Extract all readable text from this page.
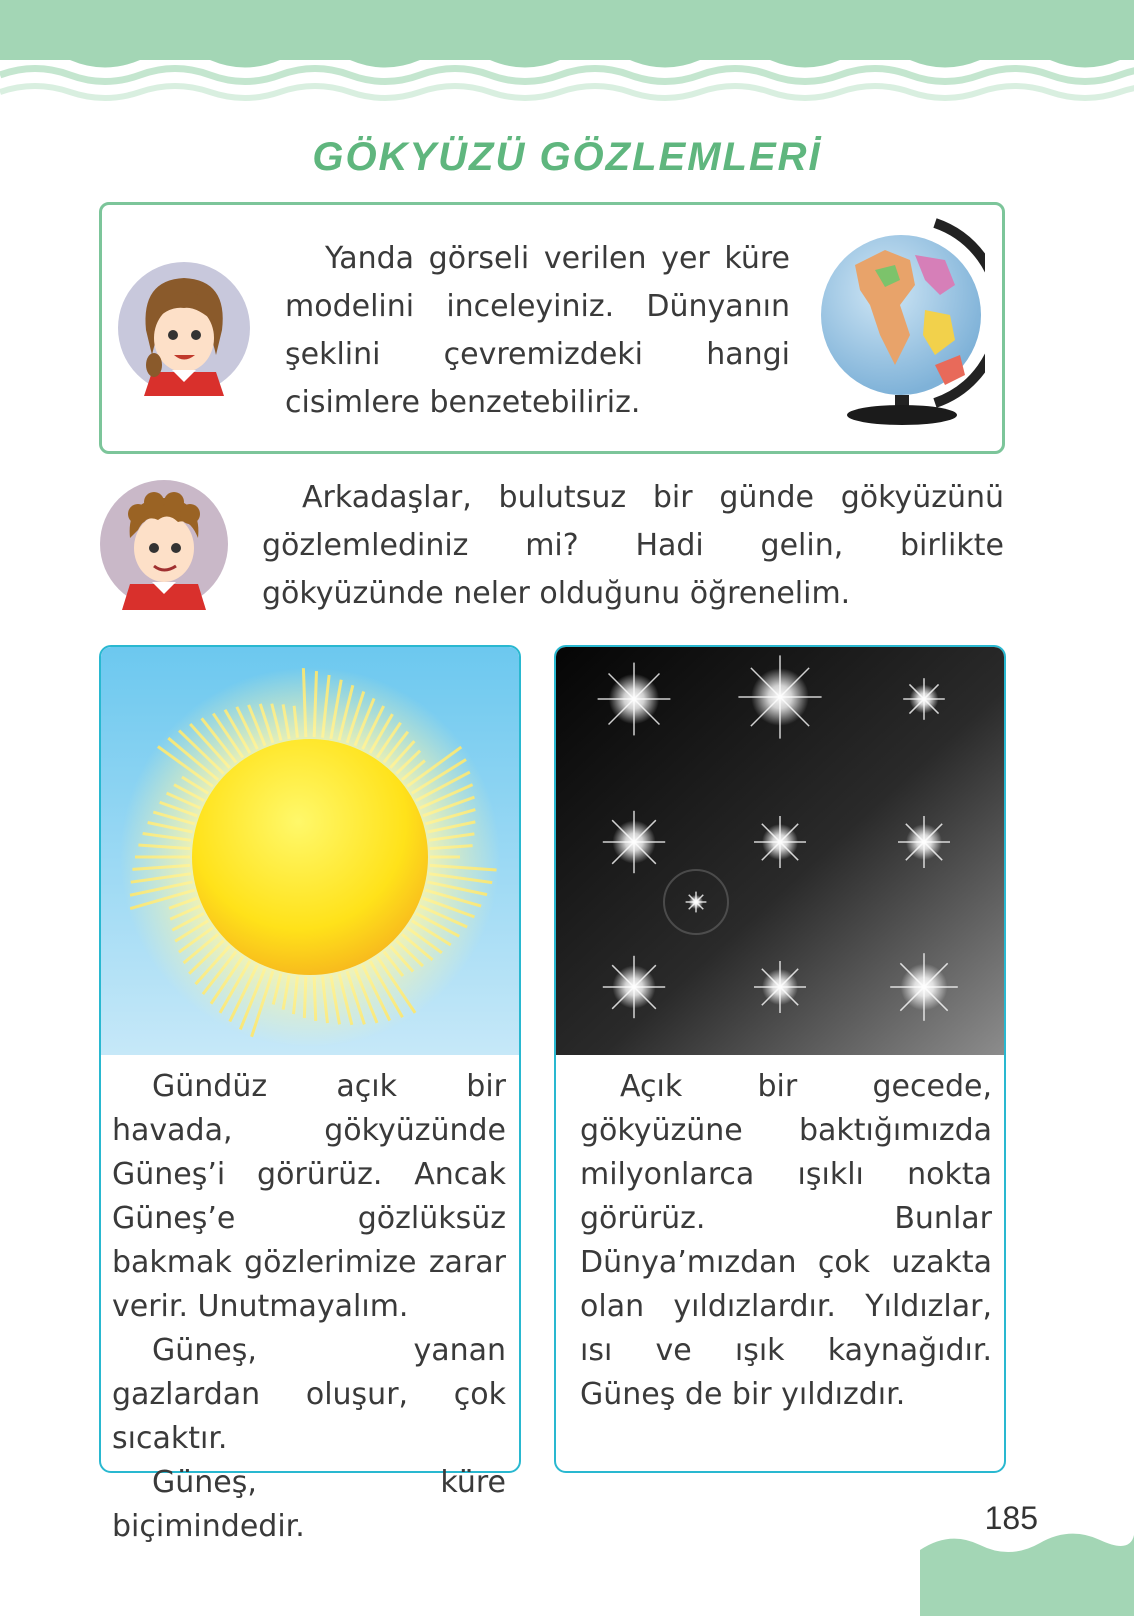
GÖKYÜZÜ GÖZLEMLERİ
Yanda görseli verilen yer küre modelini inceleyiniz. Dünyanın şeklini çevremizdeki hangi cisimlere benzetebiliriz.
Arkadaşlar, bulutsuz bir günde gökyüzünü gözlemlediniz mi? Hadi gelin, birlikte gökyüzünde neler olduğunu öğrenelim.
Gündüz açık bir havada, gökyüzünde Güneş’i görürüz. Ancak Güneş’e gözlüksüz bakmak gözlerimize zarar verir. Unutmayalım.
Güneş, yanan gazlardan oluşur, çok sıcaktır.
Güneş, küre biçimindedir.
Açık bir gecede, gökyüzüne baktığımızda milyonlarca ışıklı nokta görürüz. Bunlar Dünya’mızdan çok uzakta olan yıldızlardır. Yıldızlar, ısı ve ışık kaynağıdır. Güneş de bir yıldızdır.
185
